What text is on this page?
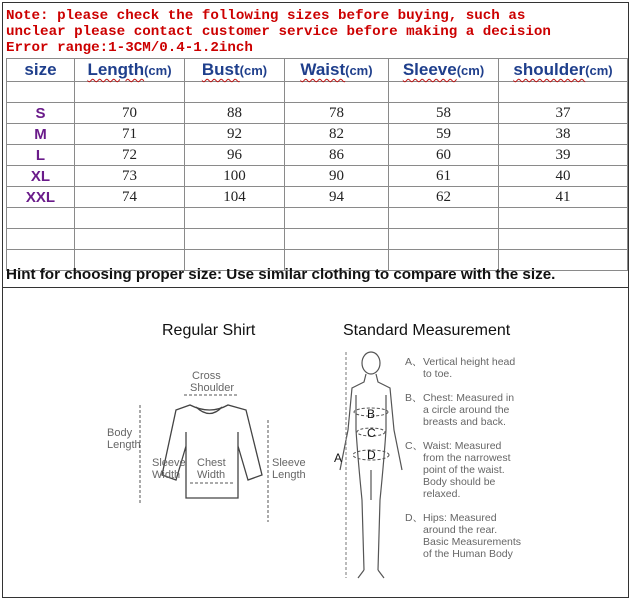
Note: please check the following sizes before buying, such as
unclear please contact customer service before making a decision
Error range:1-3CM/0.4-1.2inch
size	Length(cm)	Bust(cm)	Waist(cm)	Sleeve(cm)	shoulder(cm)

S	70	88	78	58	37
M	71	92	82	59	38
L	72	96	86	60	39
XL	73	100	90	61	40
XXL	74	104	94	62	41

Hint for choosing proper size: Use similar clothing to compare with the size.
Regular Shirt
Cross
Shoulder
Body
Length
Sleeve
Width
Chest
Width
Sleeve
Length
Standard Measurement
A
B
C
D
A、 Vertical height head
to toe.
B、 Chest: Measured in
a circle around the
breasts and back.
C、 Waist: Measured
from the narrowest
point of the waist.
Body should be
relaxed.
D、 Hips: Measured
around the rear.
Basic Measurements
of the Human Body
